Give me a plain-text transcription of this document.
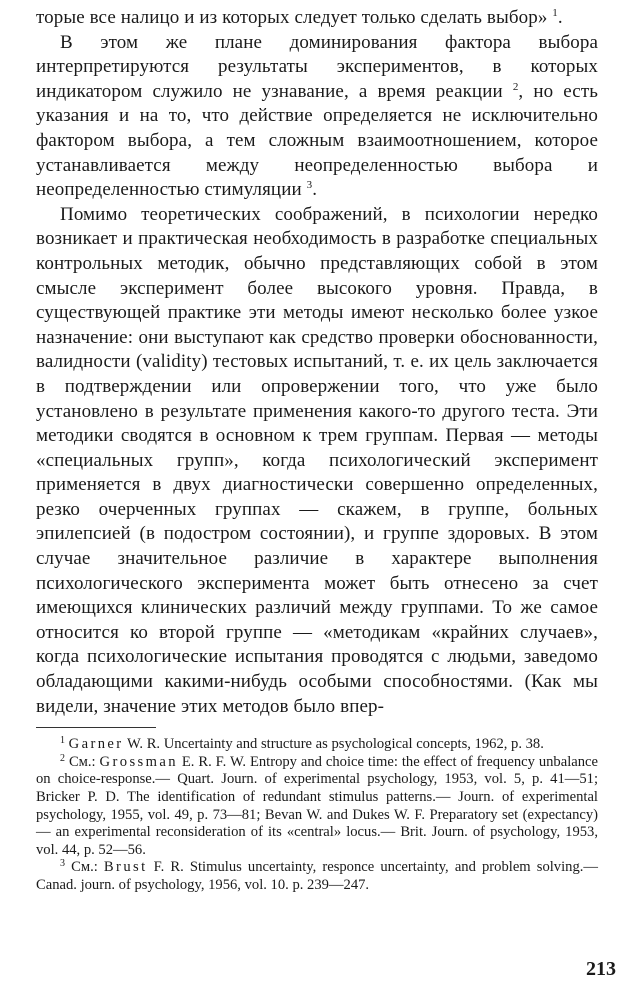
торые все налицо и из которых следует только сделать выбор» $^1$.

В этом же плане доминирования фактора выбора интерпретируются результаты экспериментов, в которых индикатором служило не узнавание, а время реакции $^2$, но есть указания и на то, что действие определяется не исключительно фактором выбора, а тем сложным взаимоотношением, которое устанавливается между неопределенностью выбора и неопределенностью стимуляции $^3$.

Помимо теоретических соображений, в психологии нередко возникает и практическая необходимость в разработке специальных контрольных методик, обычно представляющих собой в этом смысле эксперимент более высокого уровня. Правда, в существующей практике эти методы имеют несколько более узкое назначение: они выступают как средство проверки обоснованности, валидности (validity) тестовых испытаний, т. е. их цель заключается в подтверждении или опровержении того, что уже было установлено в результате применения какого-то другого теста. Эти методики сводятся в основном к трем группам. Первая — методы «специальных групп», когда психологический эксперимент применяется в двух диагностически совершенно определенных, резко очерченных группах — скажем, в группе, больных эпилепсией (в подостром состоянии), и группе здоровых. В этом случае значительное различие в характере выполнения психологического эксперимента может быть отнесено за счет имеющихся клинических различий между группами. То же самое относится ко второй группе — «методикам «крайних случаев», когда психологические испытания проводятся с людьми, заведомо обладающими какими-нибудь особыми способностями. (Как мы видели, значение этих методов было впер-

$^1$ Garner W. R. Uncertainty and structure as psychological concepts, 1962, p. 38.

$^2$ См.: Grossman E. R. F. W. Entropy and choice time: the effect of frequency unbalance on choice-response.— Quart. Journ. of experimental psychology, 1953, vol. 5, p. 41—51; Bricker P. D. The identification of redundant stimulus patterns.— Journ. of experimental psychology, 1955, vol. 49, p. 73—81; Bevan W. and Dukes W. F. Preparatory set (expectancy) — an experimental reconsideration of its «central» locus.— Brit. Journ. of psychology, 1953, vol. 44, p. 52—56.

$^3$ См.: Brust F. R. Stimulus uncertainty, responce uncertainty, and problem solving.— Canad. journ. of psychology, 1956, vol. 10. p. 239—247.

213
